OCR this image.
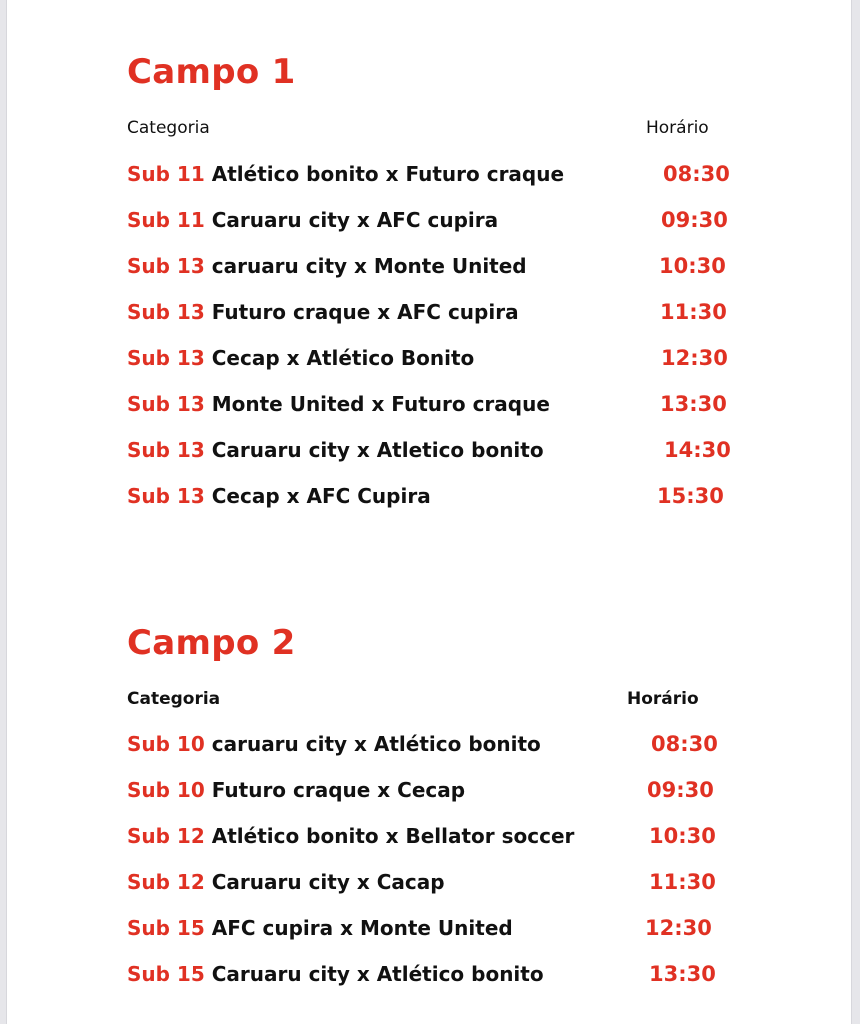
Campo 1
Categoria	Horário
Sub 11 Atlético bonito x Futuro craque	08:30
Sub 11 Caruaru city x AFC cupira	09:30
Sub 13 caruaru city x Monte United	10:30
Sub 13 Futuro craque x AFC cupira	11:30
Sub 13 Cecap x Atlético Bonito	12:30
Sub 13 Monte United x Futuro craque	13:30
Sub 13 Caruaru city x Atletico bonito	14:30
Sub 13 Cecap x AFC Cupira	15:30
Campo 2
Categoria	Horário
Sub 10 caruaru city x Atlético bonito	08:30
Sub 10 Futuro craque x Cecap	09:30
Sub 12 Atlético bonito x Bellator soccer	10:30
Sub 12 Caruaru city x Cacap	11:30
Sub 15 AFC cupira x Monte United	12:30
Sub 15 Caruaru city x Atlético bonito	13:30
